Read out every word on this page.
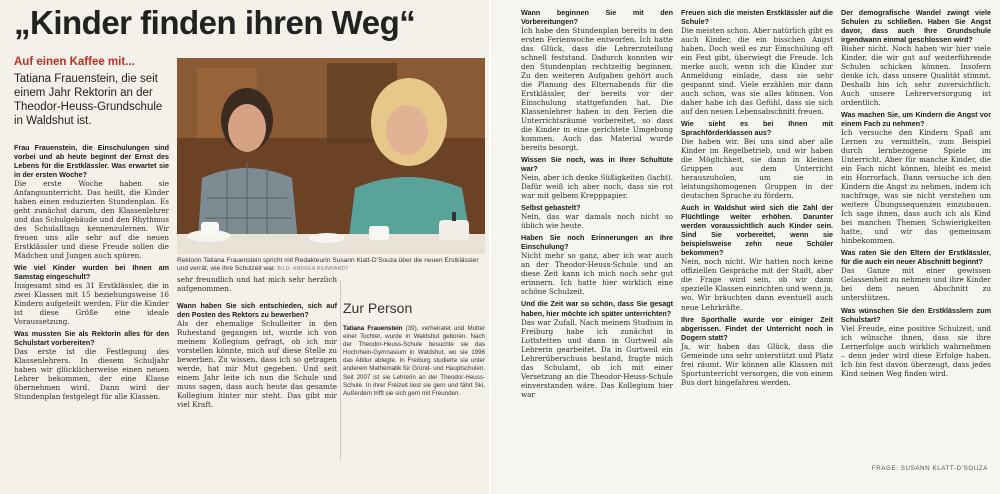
„Kinder finden ihren Weg“
Auf einen Kaffee mit...
Tatiana Frauenstein, die seit einem Jahr Rektorin an der Theodor-Heuss-Grundschule in Waldshut ist.
Rektorin Tatiana Frauenstein spricht mit Redakteurin Susann Klatt-D’Souza über die neuen Erstklässler und verrät, wie ihre Schulzeit war. BILD: ANDREA REINHARDT
Frau Frauenstein, die Einschulungen sind vorbei und ab heute beginnt der Ernst des Lebens für die Erstklässler. Was erwartet sie in der ersten Woche?
Die erste Woche haben sie Anfangsunterricht. Das heißt, die Kinder haben einen reduzierten Stundenplan. Es geht zunächst darum, den Klassenlehrer und das Schulgebäude und den Rhythmus des Schulalltags kennenzulernen. Wir freuen uns alle sehr auf die neuen Erstklässler und diese Freude sollen die Mädchen und Jungen auch spüren.
Wie viel Kinder wurden bei Ihnen am Samstag eingeschult?
Insgesamt sind es 31 Erstklässler, die in zwei Klassen mit 15 beziehungsweise 16 Kindern aufgeteilt werden. Für die Kinder ist diese Größe eine ideale Voraussetzung.
Was mussten Sie als Rektorin alles für den Schulstart vorbereiten?
Das erste ist die Festlegung des Klassenlehrers. In diesem Schuljahr haben wir glücklicherweise einen neuen Lehrer bekommen, der eine Klasse übernehmen wird. Dann wird der Stundenplan festgelegt für alle Klassen.
sehr freundlich und hat mich sehr herzlich aufgenommen.
Wann haben Sie sich entschieden, sich auf den Posten des Rektors zu bewerben?
Als der ehemalige Schulleiter in den Ruhestand gegangen ist, wurde ich von meinem Kollegium gefragt, ob ich mir vorstellen könnte, mich auf diese Stelle zu bewerben. Zu wissen, dass ich so getragen werde, hat mir Mut gegeben. Und seit einem Jahr leite ich nun die Schule und muss sagen, dass auch heute das gesamte Kollegium hinter mir steht. Das gibt mir viel Kraft.
Zur Person
Tatiana Frauenstein (39), verheiratet und Mutter einer Tochter, wurde in Waldshut geboren. Nach der Theodor-Heuss-Schule besuchte sie das Hochrhein-Gymnasium in Waldshut, wo sie 1996 das Abitur ablegte. In Freiburg studierte sie unter anderem Mathematik für Grund- und Hauptschulen. Seit 2007 ist sie Lehrerin an der Theodor-Heuss-Schule. In ihrer Freizeit liest sie gern und fährt Ski, Außerdem trifft sie sich gern mit Freunden.
Wann beginnen Sie mit den Vorbereitungen?
Ich habe den Stundenplan bereits in den ersten Ferienwoche entworfen. Ich hatte das Glück, dass die Lehrerzuteilung schnell feststand. Dadurch konnten wir den Stundenplan rechtzeitig beginnen. Zu den weiteren Aufgaben gehört auch die Planung des Elternabends für die Erstklässler, der bereits vor der Einschulung stattgefunden hat. Die Klassenlehrer haben in den Ferien die Unterrichtsräume vorbereitet, so dass die Kinder in eine gerichtete Umgebung kommen. Auch das Material wurde bereits besorgt.
Wissen Sie noch, was in Ihrer Schultüte war?
Nein, aber ich denke Süßigkeiten (lacht). Dafür weiß ich aber noch, dass sie rot war mit gelbem Krepppapier.
Selbst gebastelt?
Nein, das war damals noch nicht so üblich wie heute.
Haben Sie noch Erinnerungen an Ihre Einschulung?
Nicht mehr so ganz, aber ich war auch an der Theodor-Heuss-Schule und an diese Zeit kann ich mich noch sehr gut erinnern. Ich hatte hier wirklich eine schöne Schulzeit.
Und die Zeit war so schön, dass Sie gesagt haben, hier möchte ich später unterrichten?
Das war Zufall. Nach meinem Studium in Freiburg habe ich zunächst in Lottstetten und dann in Gurtweil als Lehrerin gearbeitet. Da in Gurtweil ein Lehrerüberschuss bestand, fragte mich das Schulamt, ob ich mit einer Versetzung an die Theodor-Heuss-Schule einverstanden wäre. Das Kollegium hier war
Freuen sich die meisten Erstklässler auf die Schule?
Die meisten schon. Aber natürlich gibt es auch Kinder, die ein bisschen Angst haben. Doch weil es zur Einschulung oft ein Fest gibt, überwiegt die Freude. Ich merke auch, wenn ich die Kinder zur Anmeldung einlade, dass sie sehr gespannt sind. Viele erzählen mir dann auch schon, was sie alles können. Von daher habe ich das Gefühl, dass sie sich auf den neuen Lebensabschnitt freuen.
Wie sieht es bei Ihnen mit Sprachförderklassen aus?
Die haben wir. Bei uns sind aber alle Kinder im Regelbetrieb, und wir haben die Möglichkeit, sie dann in kleinen Gruppen aus dem Unterricht herauszuholen, um sie in leistungshomogenen Gruppen in der deutschen Sprache zu fördern.
Auch in Waldshut wird sich die Zahl der Flüchtlinge weiter erhöhen. Darunter werden voraussichtlich auch Kinder sein. Sind Sie vorbereitet, wenn sie beispielsweise zehn neue Schüler bekommen?
Nein, noch nicht. Wir hatten noch keine offiziellen Gespräche mit der Stadt, aber die Frage wird sein, ob wir dann spezielle Klassen einrichten und wenn ja, wo. Wir bräuchten dann eventuell auch neue Lehrkräfte.
Ihre Sporthalle wurde vor einiger Zeit abgerissen. Findet der Unterricht noch in Dogern statt?
Ja, wir haben das Glück, dass die Gemeinde uns sehr unterstützt und Platz frei räumt. Wir können alle Klassen mit Sportunterricht versorgen, die von einem Bus dort hingefahren werden.
Der demografische Wandel zwingt viele Schulen zu schließen. Haben Sie Angst davor, dass auch Ihre Grundschule irgendwann einmal geschlossen wird?
Bisher nicht. Noch haben wir hier viele Kinder, die wir gut auf weiterführende Schulen schicken können. Insofern denke ich, dass unsere Qualität stimmt. Deshalb bin ich sehr zuversichtlich. Auch unsere Lehrerversorgung ist ordentlich.
Was machen Sie, um Kindern die Angst vor einem Fach zu nehmen?
Ich versuche den Kindern Spaß am Lernen zu vermitteln, zum Beispiel durch lernbezogene Spiele im Unterricht. Aber für manche Kinder, die ein Fach nicht können, bleibt es meist ein Horrorfach. Dann versuche ich den Kindern die Angst zu nehmen, indem ich nachfrage, was sie nicht verstehen um weitere Übungssequenzen einzubauen. Ich sage ihnen, dass auch ich als Kind bei manchen Themen Schwierigkeiten hatte, und wir das gemeinsam hinbekommen.
Was raten Sie den Eltern der Erstklässler, für die auch ein neuer Abschnitt beginnt?
Das Ganze mit einer gewissen Gelassenheit zu nehmen und ihre Kinder bei dem neuen Abschnitt zu unterstützen.
Was wünschen Sie den Erstklässlern zum Schulstart?
Viel Freude, eine positive Schulzeit, und ich wünsche ihnen, dass sie ihre Lernerfolge auch wirklich wahrnehmen – denn jeder wird diese Erfolge haben. Ich bin fest davon überzeugt, dass jedes Kind seinen Weg finden wird.
FRAGE: SUSANN KLATT-D’SOUZA
